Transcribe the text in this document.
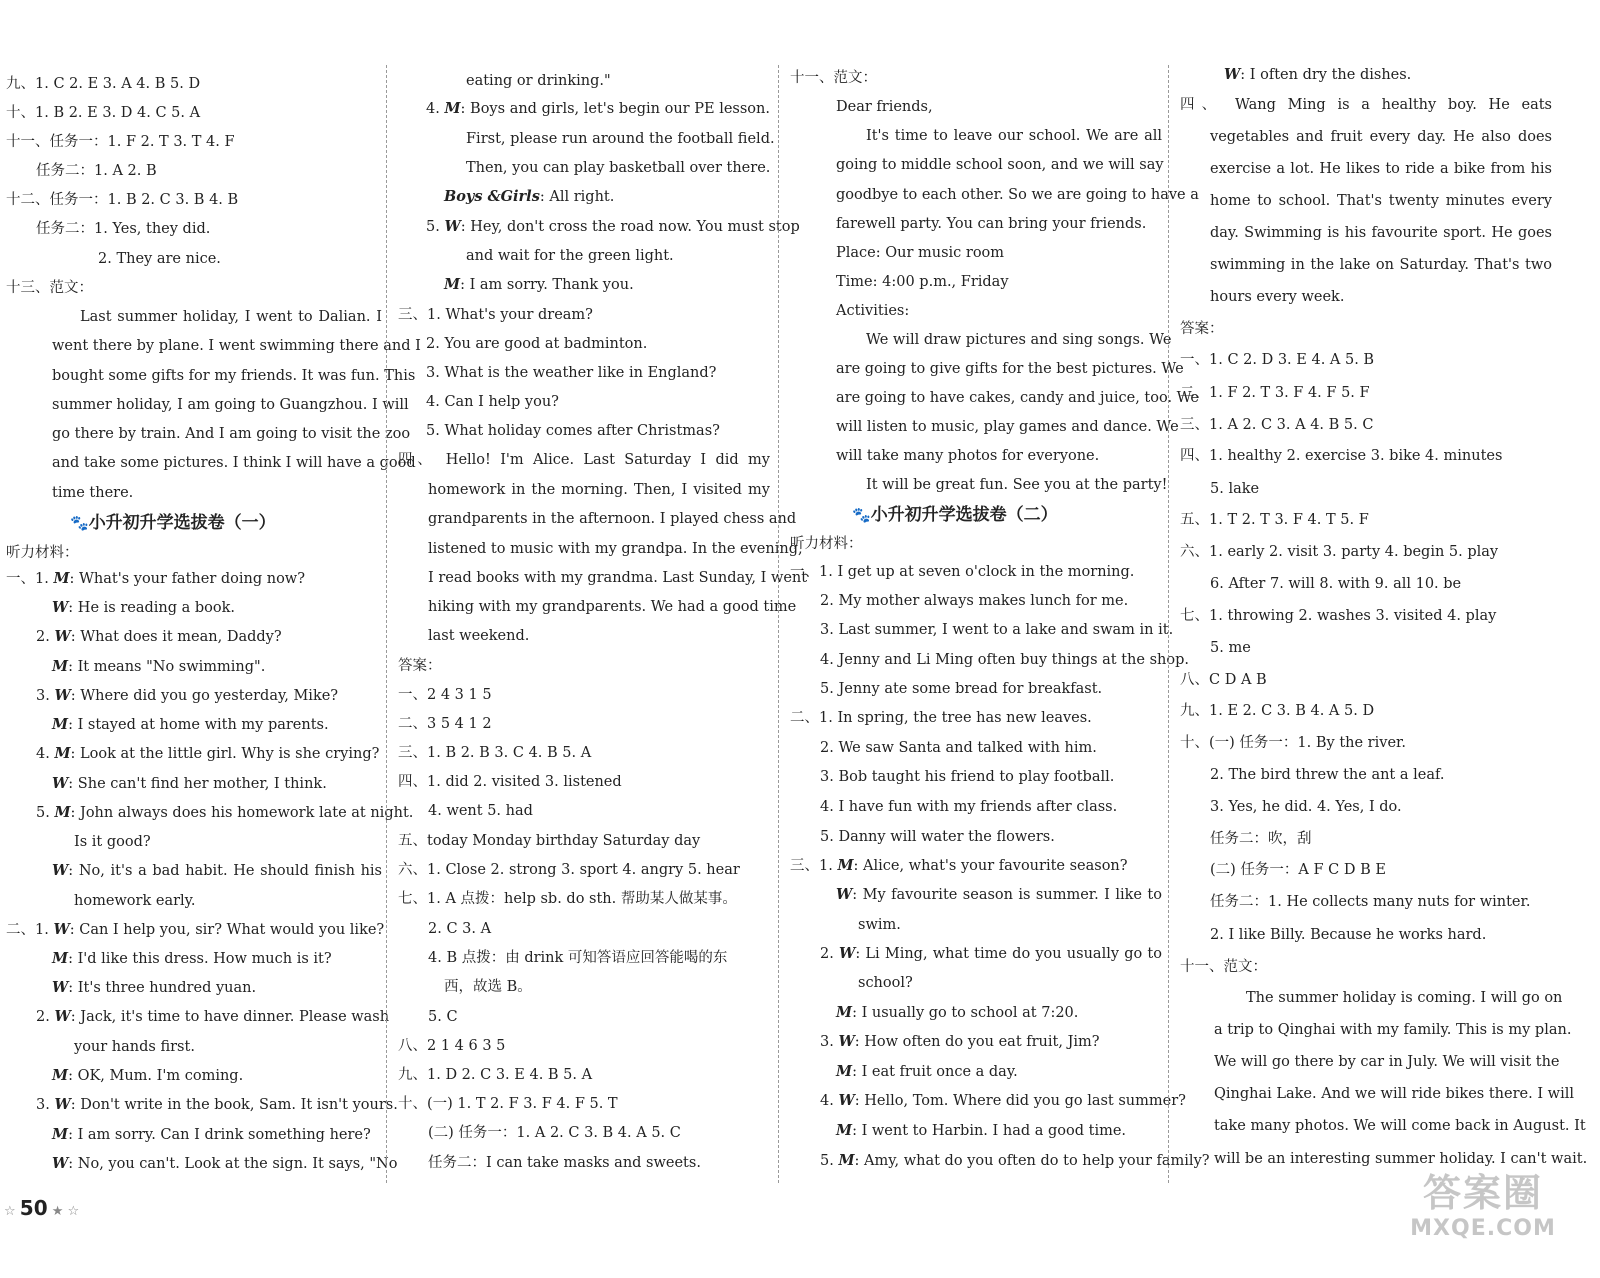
九、1. C 2. E 3. A 4. B 5. D
十、1. B 2. E 3. D 4. C 5. A
十一、任务一：1. F 2. T 3. T 4. F
任务二：1. A 2. B
十二、任务一：1. B 2. C 3. B 4. B
任务二：1. Yes, they did.
2. They are nice.
十三、范文：
Last summer holiday, I went to Dalian. I
went there by plane. I went swimming there and I
bought some gifts for my friends. It was fun. This
summer holiday, I am going to Guangzhou. I will
go there by train. And I am going to visit the zoo
and take some pictures. I think I will have a good
time there.
🐾小升初升学选拔卷（一）
听力材料：
一、1. M: What's your father doing now?
W: He is reading a book.
2. W: What does it mean, Daddy?
M: It means "No swimming".
3. W: Where did you go yesterday, Mike?
M: I stayed at home with my parents.
4. M: Look at the little girl. Why is she crying?
W: She can't find her mother, I think.
5. M: John always does his homework late at night.
Is it good?
W: No, it's a bad habit. He should finish his
homework early.
二、1. W: Can I help you, sir? What would you like?
M: I'd like this dress. How much is it?
W: It's three hundred yuan.
2. W: Jack, it's time to have dinner. Please wash
your hands first.
M: OK, Mum. I'm coming.
3. W: Don't write in the book, Sam. It isn't yours.
M: I am sorry. Can I drink something here?
W: No, you can't. Look at the sign. It says, "No
eating or drinking."
4. M: Boys and girls, let's begin our PE lesson.
First, please run around the football field.
Then, you can play basketball over there.
Boys &Girls: All right.
5. W: Hey, don't cross the road now. You must stop
and wait for the green light.
M: I am sorry. Thank you.
三、1. What's your dream?
2. You are good at badminton.
3. What is the weather like in England?
4. Can I help you?
5. What holiday comes after Christmas?
四、 Hello! I'm Alice. Last Saturday I did my
homework in the morning. Then, I visited my
grandparents in the afternoon. I played chess and
listened to music with my grandpa. In the evening,
I read books with my grandma. Last Sunday, I went
hiking with my grandparents. We had a good time
last weekend.
答案：
一、2 4 3 1 5
二、3 5 4 1 2
三、1. B 2. B 3. C 4. B 5. A
四、1. did 2. visited 3. listened
4. went 5. had
五、today Monday birthday Saturday day
六、1. Close 2. strong 3. sport 4. angry 5. hear
七、1. A 点拨：help sb. do sth. 帮助某人做某事。
2. C 3. A
4. B 点拨：由 drink 可知答语应回答能喝的东
西，故选 B。
5. C
八、2 1 4 6 3 5
九、1. D 2. C 3. E 4. B 5. A
十、(一) 1. T 2. F 3. F 4. F 5. T
(二) 任务一：1. A 2. C 3. B 4. A 5. C
任务二：I can take masks and sweets.
十一、范文：
Dear friends,
It's time to leave our school. We are all
going to middle school soon, and we will say
goodbye to each other. So we are going to have a
farewell party. You can bring your friends.
Place: Our music room
Time: 4:00 p.m., Friday
Activities:
We will draw pictures and sing songs. We
are going to give gifts for the best pictures. We
are going to have cakes, candy and juice, too. We
will listen to music, play games and dance. We
will take many photos for everyone.
It will be great fun. See you at the party!
🐾小升初升学选拔卷（二）
听力材料：
一、1. I get up at seven o'clock in the morning.
2. My mother always makes lunch for me.
3. Last summer, I went to a lake and swam in it.
4. Jenny and Li Ming often buy things at the shop.
5. Jenny ate some bread for breakfast.
二、1. In spring, the tree has new leaves.
2. We saw Santa and talked with him.
3. Bob taught his friend to play football.
4. I have fun with my friends after class.
5. Danny will water the flowers.
三、1. M: Alice, what's your favourite season?
W: My favourite season is summer. I like to
swim.
2. W: Li Ming, what time do you usually go to
school?
M: I usually go to school at 7:20.
3. W: How often do you eat fruit, Jim?
M: I eat fruit once a day.
4. W: Hello, Tom. Where did you go last summer?
M: I went to Harbin. I had a good time.
5. M: Amy, what do you often do to help your family?
W: I often dry the dishes.
四、 Wang Ming is a healthy boy. He eats
vegetables and fruit every day. He also does
exercise a lot. He likes to ride a bike from his
home to school. That's twenty minutes every
day. Swimming is his favourite sport. He goes
swimming in the lake on Saturday. That's two
hours every week.
答案：
一、1. C 2. D 3. E 4. A 5. B
二、1. F 2. T 3. F 4. F 5. F
三、1. A 2. C 3. A 4. B 5. C
四、1. healthy 2. exercise 3. bike 4. minutes
5. lake
五、1. T 2. T 3. F 4. T 5. F
六、1. early 2. visit 3. party 4. begin 5. play
6. After 7. will 8. with 9. all 10. be
七、1. throwing 2. washes 3. visited 4. play
5. me
八、C D A B
九、1. E 2. C 3. B 4. A 5. D
十、(一) 任务一：1. By the river.
2. The bird threw the ant a leaf.
3. Yes, he did. 4. Yes, I do.
任务二：吹，刮
(二) 任务一：A F C D B E
任务二：1. He collects many nuts for winter.
2. I like Billy. Because he works hard.
十一、范文：
The summer holiday is coming. I will go on
a trip to Qinghai with my family. This is my plan.
We will go there by car in July. We will visit the
Qinghai Lake. And we will ride bikes there. I will
take many photos. We will come back in August. It
will be an interesting summer holiday. I can't wait.
☆ 50 ★ ☆	答案圈
MXQE.COM
